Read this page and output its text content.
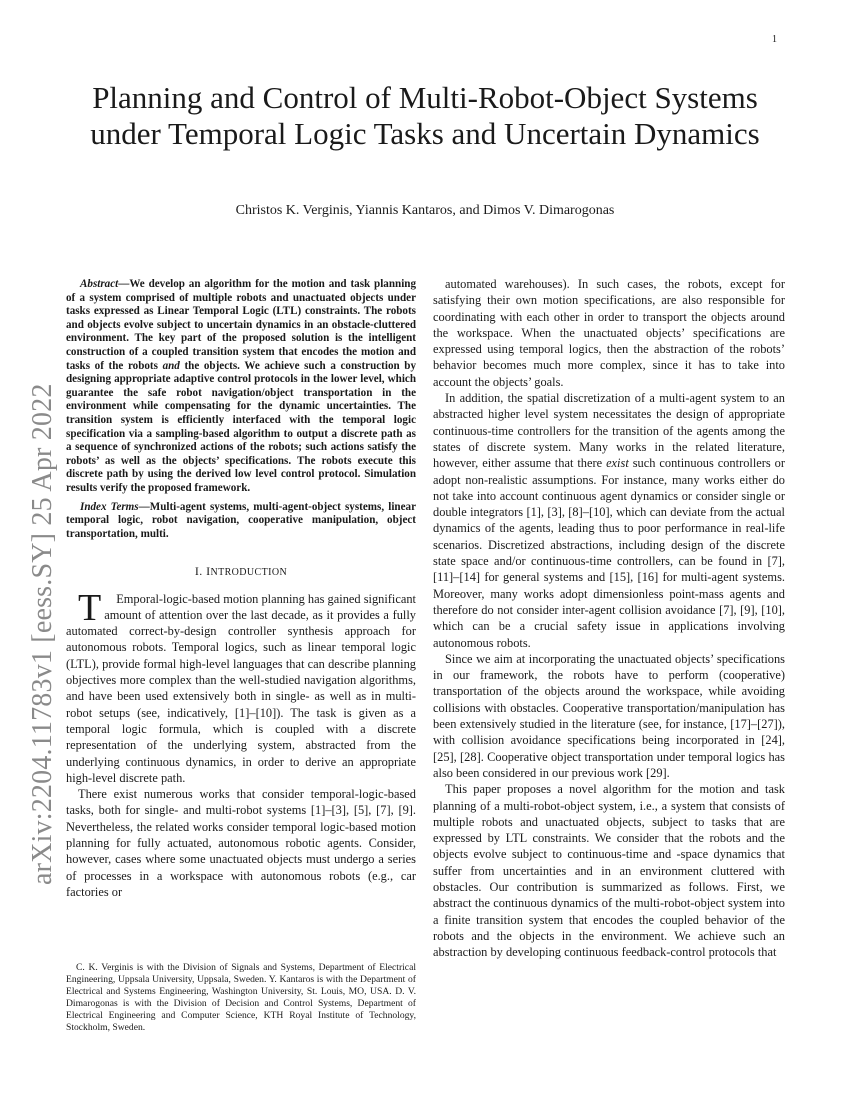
1
arXiv:2204.11783v1 [eess.SY] 25 Apr 2022
Planning and Control of Multi-Robot-Object Systems under Temporal Logic Tasks and Uncertain Dynamics
Christos K. Verginis, Yiannis Kantaros, and Dimos V. Dimarogonas

Abstract—We develop an algorithm for the motion and task planning of a system comprised of multiple robots and unactuated objects under tasks expressed as Linear Temporal Logic (LTL) constraints. The robots and objects evolve subject to uncertain dynamics in an obstacle-cluttered environment. The key part of the proposed solution is the intelligent construction of a coupled transition system that encodes the motion and tasks of the robots and the objects. We achieve such a construction by designing appropriate adaptive control protocols in the lower level, which guarantee the safe robot navigation/object transportation in the environment while compensating for the dynamic uncertainties. The transition system is efficiently interfaced with the temporal logic specification via a sampling-based algorithm to output a discrete path as a sequence of synchronized actions of the robots; such actions satisfy the robots’ as well as the objects’ specifications. The robots execute this discrete path by using the derived low level control protocol. Simulation results verify the proposed framework.

Index Terms—Multi-agent systems, multi-agent-object systems, linear temporal logic, robot navigation, cooperative manipulation, object transportation, multi.

I. INTRODUCTION

T Emporal-logic-based motion planning has gained significant amount of attention over the last decade, as it provides a fully automated correct-by-design controller synthesis approach for autonomous robots. Temporal logics, such as linear temporal logic (LTL), provide formal high-level languages that can describe planning objectives more complex than the well-studied navigation algorithms, and have been used extensively both in single- as well as in multi-robot setups (see, indicatively, [1]–[10]). The task is given as a temporal logic formula, which is coupled with a discrete representation of the underlying system, abstracted from the underlying continuous dynamics, in order to derive an appropriate high-level discrete path.

There exist numerous works that consider temporal-logic-based tasks, both for single- and multi-robot systems [1]–[3], [5], [7], [9]. Nevertheless, the related works consider temporal logic-based motion planning for fully actuated, autonomous robotic agents. Consider, however, cases where some unactuated objects must undergo a series of processes in a workspace with autonomous robots (e.g., car factories or

C. K. Verginis is with the Division of Signals and Systems, Department of Electrical Engineering, Uppsala University, Uppsala, Sweden. Y. Kantaros is with the Department of Electrical and Systems Engineering, Washington University, St. Louis, MO, USA. D. V. Dimarogonas is with the Division of Decision and Control Systems, Department of Electrical Engineering and Computer Science, KTH Royal Institute of Technology, Stockholm, Sweden.

automated warehouses). In such cases, the robots, except for satisfying their own motion specifications, are also responsible for coordinating with each other in order to transport the objects around the workspace. When the unactuated objects’ specifications are expressed using temporal logics, then the abstraction of the robots’ behavior becomes much more complex, since it has to take into account the objects’ goals.

In addition, the spatial discretization of a multi-agent system to an abstracted higher level system necessitates the design of appropriate continuous-time controllers for the transition of the agents among the states of discrete system. Many works in the related literature, however, either assume that there exist such continuous controllers or adopt non-realistic assumptions. For instance, many works either do not take into account continuous agent dynamics or consider single or double integrators [1], [3], [8]–[10], which can deviate from the actual dynamics of the agents, leading thus to poor performance in real-life scenarios. Discretized abstractions, including design of the discrete state space and/or continuous-time controllers, can be found in [7], [11]–[14] for general systems and [15], [16] for multi-agent systems. Moreover, many works adopt dimensionless point-mass agents and therefore do not consider inter-agent collision avoidance [7], [9], [10], which can be a crucial safety issue in applications involving autonomous robots.

Since we aim at incorporating the unactuated objects’ specifications in our framework, the robots have to perform (cooperative) transportation of the objects around the workspace, while avoiding collisions with obstacles. Cooperative transportation/manipulation has been extensively studied in the literature (see, for instance, [17]–[27]), with collision avoidance specifications being incorporated in [24], [25], [28]. Cooperative object transportation under temporal logics has also been considered in our previous work [29].

This paper proposes a novel algorithm for the motion and task planning of a multi-robot-object system, i.e., a system that consists of multiple robots and unactuated objects, subject to tasks that are expressed by LTL constraints. We consider that the robots and the objects evolve subject to continuous-time and -space dynamics that suffer from uncertainties and in an environment cluttered with obstacles. Our contribution is summarized as follows. First, we abstract the continuous dynamics of the multi-robot-object system into a finite transition system that encodes the coupled behavior of the robots and the objects in the environment. We achieve such an abstraction by developing continuous feedback-control protocols that
